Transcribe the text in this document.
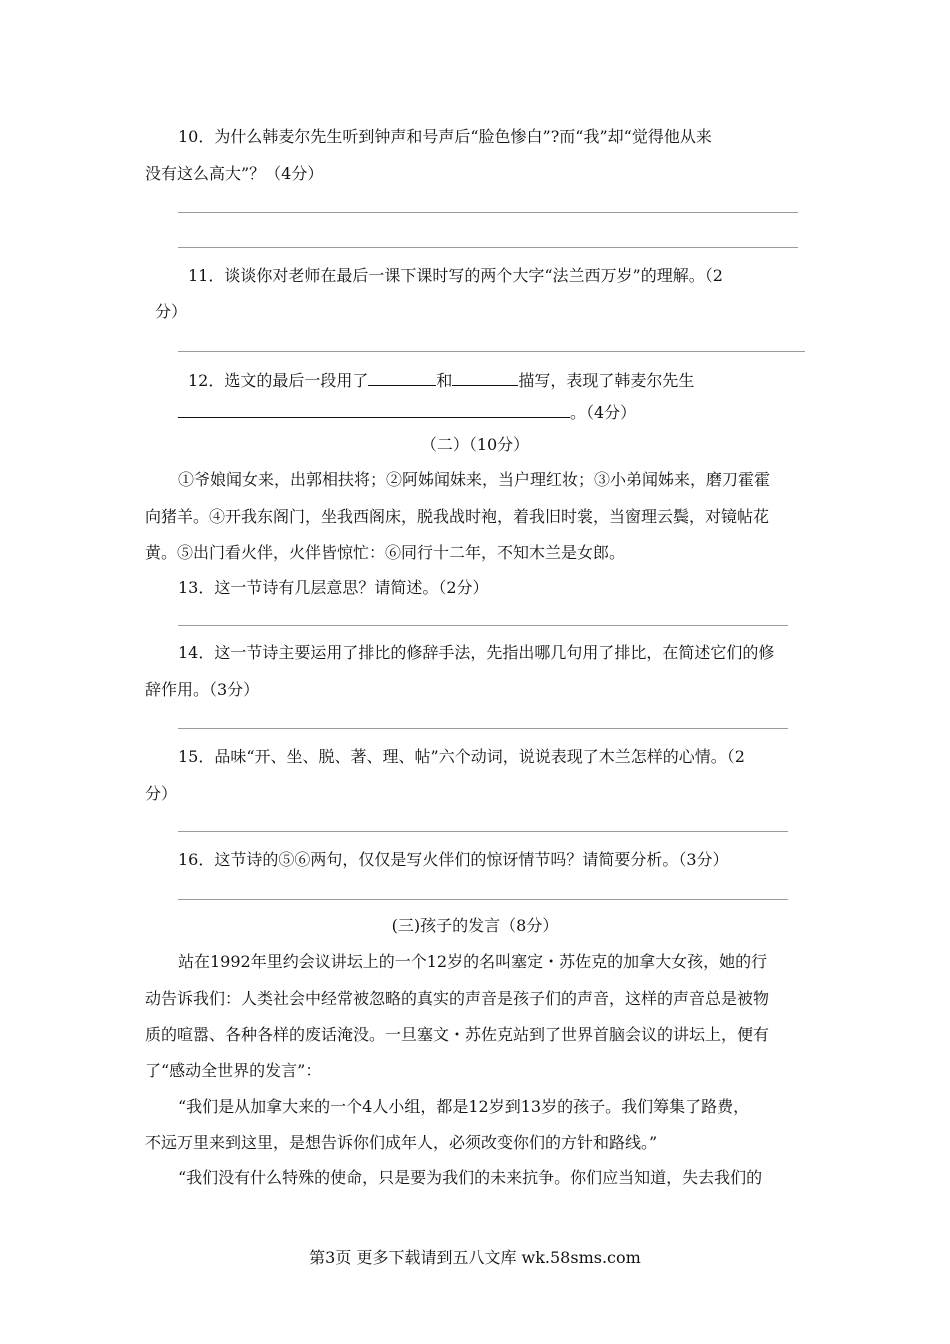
10．为什么韩麦尔先生听到钟声和号声后“脸色惨白”?而“我”却“觉得他从来
没有这么高大”？（4分）
11．谈谈你对老师在最后一课下课时写的两个大字“法兰西万岁”的理解。（2
分）
12．选文的最后一段用了	和	描写，表现了韩麦尔先生
。（4分）
（二）（10分）
①爷娘闻女来，出郭相扶将；②阿姊闻妹来，当户理红妆；③小弟闻姊来，磨刀霍霍
向猪羊。④开我东阁门，坐我西阁床，脱我战时袍，着我旧时裳，当窗理云鬓，对镜帖花
黄。⑤出门看火伴，火伴皆惊忙：⑥同行十二年，不知木兰是女郎。
13．这一节诗有几层意思？请简述。（2分）
14．这一节诗主要运用了排比的修辞手法，先指出哪几句用了排比，在简述它们的修
辞作用。（3分）
15．品味“开、坐、脱、著、理、帖”六个动词，说说表现了木兰怎样的心情。（2
分）
16．这节诗的⑤⑥两句，仅仅是写火伴们的惊讶情节吗？请简要分析。（3分）
(三)孩子的发言（8分）
站在1992年里约会议讲坛上的一个12岁的名叫塞定・苏佐克的加拿大女孩，她的行
动告诉我们：人类社会中经常被忽略的真实的声音是孩子们的声音，这样的声音总是被物
质的喧嚣、各种各样的废话淹没。一旦塞文・苏佐克站到了世界首脑会议的讲坛上，便有
了“感动全世界的发言”：
“我们是从加拿大来的一个4人小组，都是12岁到13岁的孩子。我们筹集了路费，
不远万里来到这里，是想告诉你们成年人，必须改变你们的方针和路线。”
“我们没有什么特殊的使命，只是要为我们的未来抗争。你们应当知道，失去我们的
第3页 更多下载请到五八文库 wk.58sms.com
